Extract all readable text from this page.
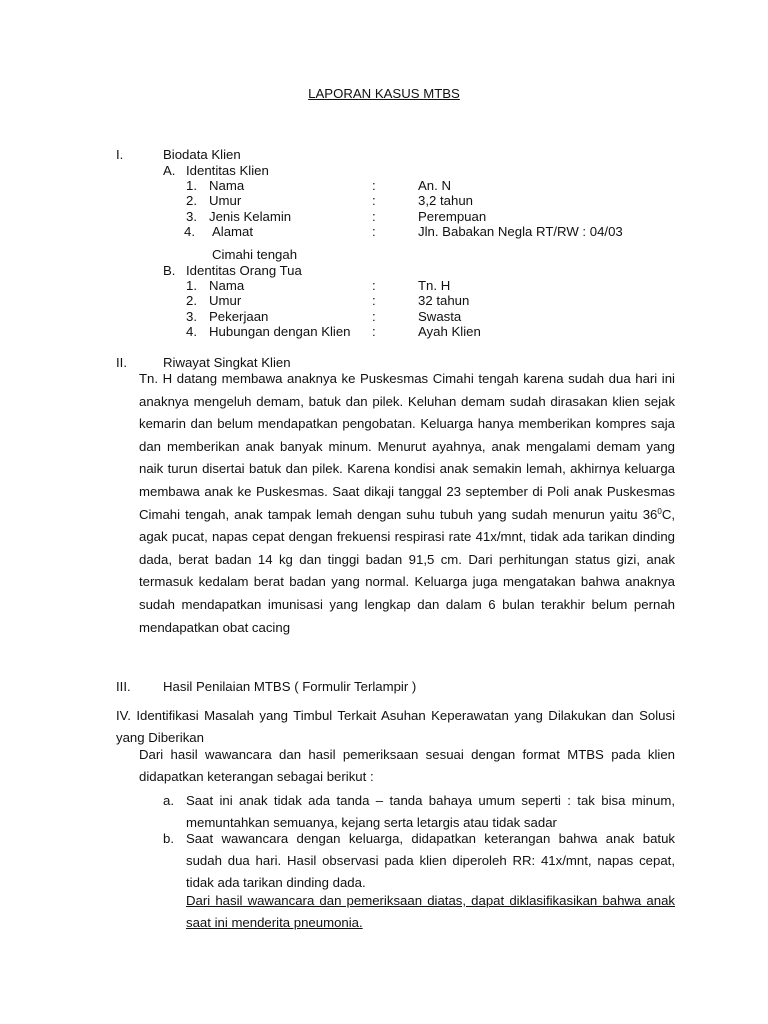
LAPORAN KASUS MTBS
I.	Biodata Klien
A. Identitas Klien
1. Nama	:	An. N
2. Umur	:	3,2 tahun
3. Jenis Kelamin	:	Perempuan
4. Alamat	:	Jln. Babakan Negla RT/RW : 04/03
Cimahi tengah
B. Identitas Orang Tua
1. Nama	:	Tn. H
2. Umur	:	32 tahun
3. Pekerjaan	:	Swasta
4. Hubungan dengan Klien :	Ayah Klien
II.	Riwayat Singkat Klien
Tn. H datang membawa anaknya ke Puskesmas Cimahi tengah karena sudah dua hari ini anaknya mengeluh demam, batuk dan pilek. Keluhan demam sudah dirasakan klien sejak kemarin dan belum mendapatkan pengobatan. Keluarga hanya memberikan kompres saja dan memberikan anak banyak minum. Menurut ayahnya, anak mengalami demam yang naik turun disertai batuk dan pilek. Karena kondisi anak semakin lemah, akhirnya keluarga membawa anak ke Puskesmas. Saat dikaji tanggal 23 september di Poli anak Puskesmas Cimahi tengah, anak tampak lemah dengan suhu tubuh yang sudah menurun yaitu $36^0C$, agak pucat, napas cepat dengan frekuensi respirasi rate 41x/mnt, tidak ada tarikan dinding dada, berat badan 14 kg dan tinggi badan 91,5 cm. Dari perhitungan status gizi, anak termasuk kedalam berat badan yang normal. Keluarga juga mengatakan bahwa anaknya sudah mendapatkan imunisasi yang lengkap dan dalam 6 bulan terakhir belum pernah mendapatkan obat cacing
III. Hasil Penilaian MTBS ( Formulir Terlampir )
IV. Identifikasi Masalah yang Timbul Terkait Asuhan Keperawatan yang Dilakukan dan Solusi yang Diberikan
Dari hasil wawancara dan hasil pemeriksaan sesuai dengan format MTBS pada klien didapatkan keterangan sebagai berikut :
a. Saat ini anak tidak ada tanda – tanda bahaya umum seperti : tak bisa minum, memuntahkan semuanya, kejang serta letargis atau tidak sadar
b. Saat wawancara dengan keluarga, didapatkan keterangan bahwa anak batuk sudah dua hari. Hasil observasi pada klien diperoleh RR: 41x/mnt, napas cepat, tidak ada tarikan dinding dada.
Dari hasil wawancara dan pemeriksaan diatas, dapat diklasifikasikan bahwa anak saat ini menderita pneumonia.
